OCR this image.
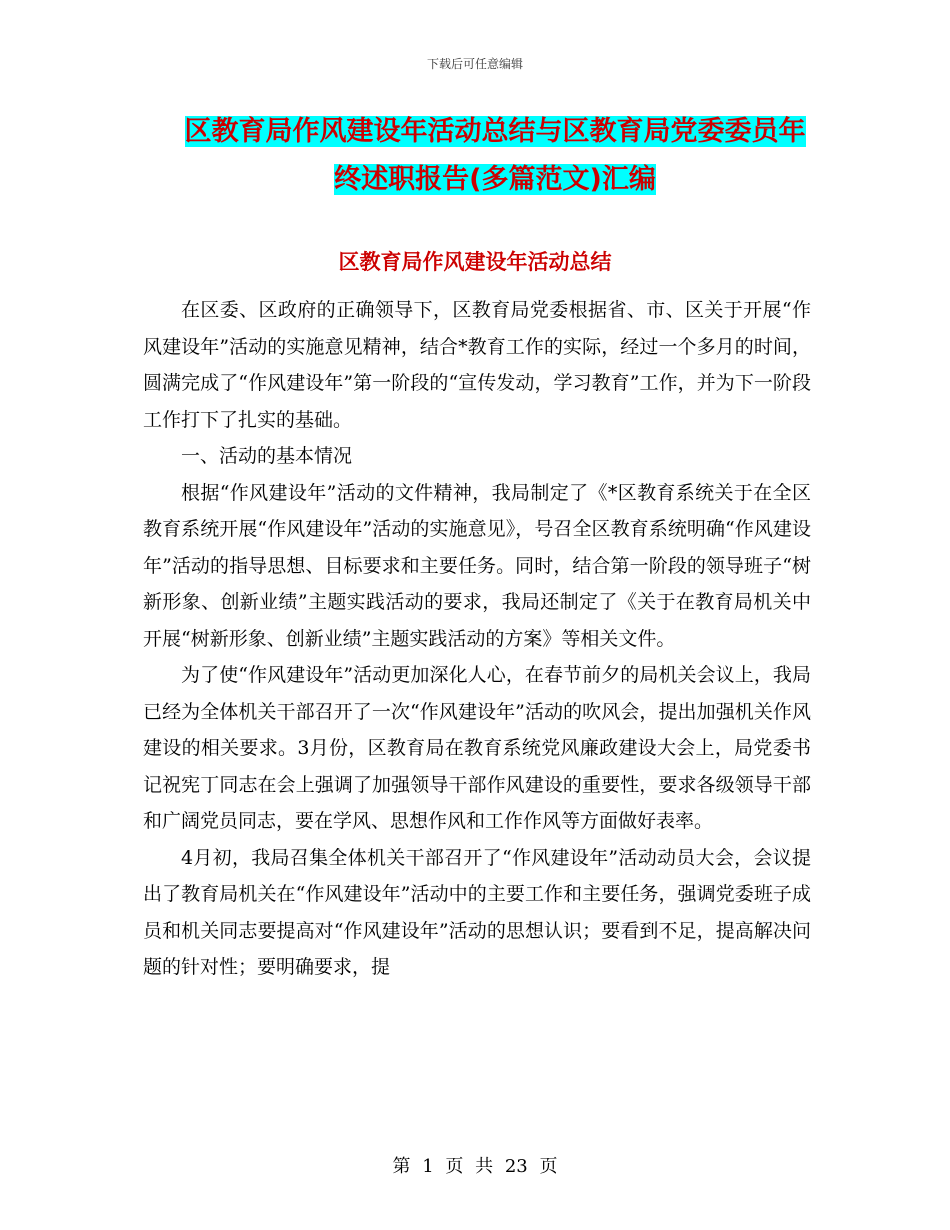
下载后可任意编辑
区教育局作风建设年活动总结与区教育局党委委员年
终述职报告(多篇范文)汇编
区教育局作风建设年活动总结

在区委、区政府的正确领导下，区教育局党委根据省、市、区关于开展“作风建设年”活动的实施意见精神，结合*教育工作的实际，经过一个多月的时间，圆满完成了“作风建设年”第一阶段的“宣传发动，学习教育”工作，并为下一阶段工作打下了扎实的基础。

一、活动的基本情况

根据“作风建设年”活动的文件精神，我局制定了《*区教育系统关于在全区教育系统开展“作风建设年”活动的实施意见》，号召全区教育系统明确“作风建设年”活动的指导思想、目标要求和主要任务。同时，结合第一阶段的领导班子“树新形象、创新业绩”主题实践活动的要求，我局还制定了《关于在教育局机关中开展“树新形象、创新业绩”主题实践活动的方案》等相关文件。

为了使“作风建设年”活动更加深化人心，在春节前夕的局机关会议上，我局已经为全体机关干部召开了一次“作风建设年”活动的吹风会，提出加强机关作风建设的相关要求。3月份，区教育局在教育系统党风廉政建设大会上，局党委书记祝宪丁同志在会上强调了加强领导干部作风建设的重要性，要求各级领导干部和广阔党员同志，要在学风、思想作风和工作作风等方面做好表率。

4月初，我局召集全体机关干部召开了“作风建设年”活动动员大会，会议提出了教育局机关在“作风建设年”活动中的主要工作和主要任务，强调党委班子成员和机关同志要提高对“作风建设年”活动的思想认识；要看到不足，提高解决问题的针对性；要明确要求，提

第 1 页 共 23 页
